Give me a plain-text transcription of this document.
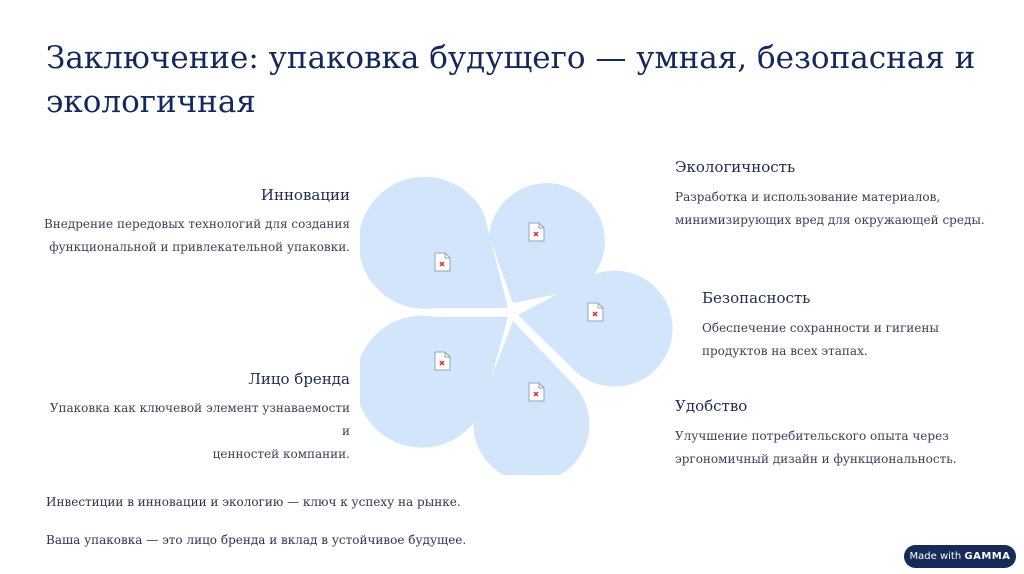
Заключение: упаковка будущего — умная, безопасная и экологичная
Инновации

Внедрение передовых технологий для создания

функциональной и привлекательной упаковки.

Лицо бренда

Упаковка как ключевой элемент узнаваемости и

ценностей компании.

Экологичность

Разработка и использование материалов,

минимизирующих вред для окружающей среды.

Безопасность

Обеспечение сохранности и гигиены

продуктов на всех этапах.

Удобство

Улучшение потребительского опыта через

эргономичный дизайн и функциональность.

Инвестиции в инновации и экологию — ключ к успеху на рынке.

Ваша упаковка — это лицо бренда и вклад в устойчивое будущее.

Made with GAMMA
